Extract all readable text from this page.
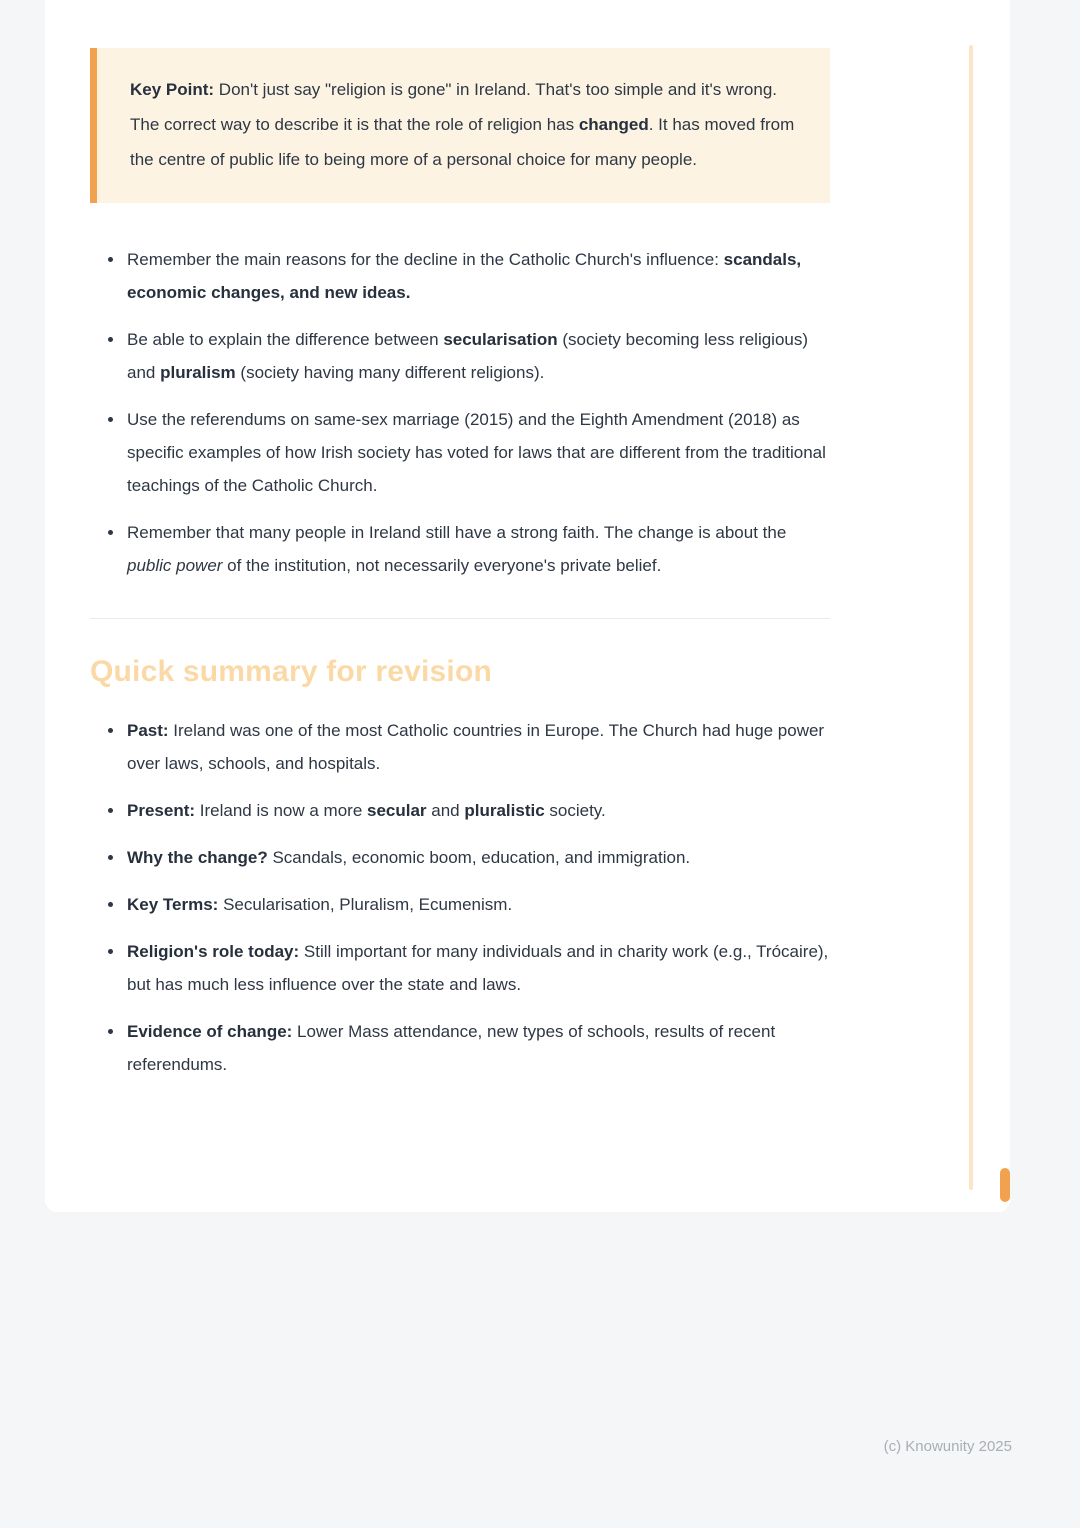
Key Point: Don't just say "religion is gone" in Ireland. That's too simple and it's wrong. The correct way to describe it is that the role of religion has changed. It has moved from the centre of public life to being more of a personal choice for many people.

• Remember the main reasons for the decline in the Catholic Church's influence: scandals, economic changes, and new ideas.
• Be able to explain the difference between secularisation (society becoming less religious) and pluralism (society having many different religions).
• Use the referendums on same-sex marriage (2015) and the Eighth Amendment (2018) as specific examples of how Irish society has voted for laws that are different from the traditional teachings of the Catholic Church.
• Remember that many people in Ireland still have a strong faith. The change is about the public power of the institution, not necessarily everyone's private belief.
Quick summary for revision
• Past: Ireland was one of the most Catholic countries in Europe. The Church had huge power over laws, schools, and hospitals.
• Present: Ireland is now a more secular and pluralistic society.
• Why the change? Scandals, economic boom, education, and immigration.
• Key Terms: Secularisation, Pluralism, Ecumenism.
• Religion's role today: Still important for many individuals and in charity work (e.g., Trócaire), but has much less influence over the state and laws.
• Evidence of change: Lower Mass attendance, new types of schools, results of recent referendums.
(c) Knowunity 2025
